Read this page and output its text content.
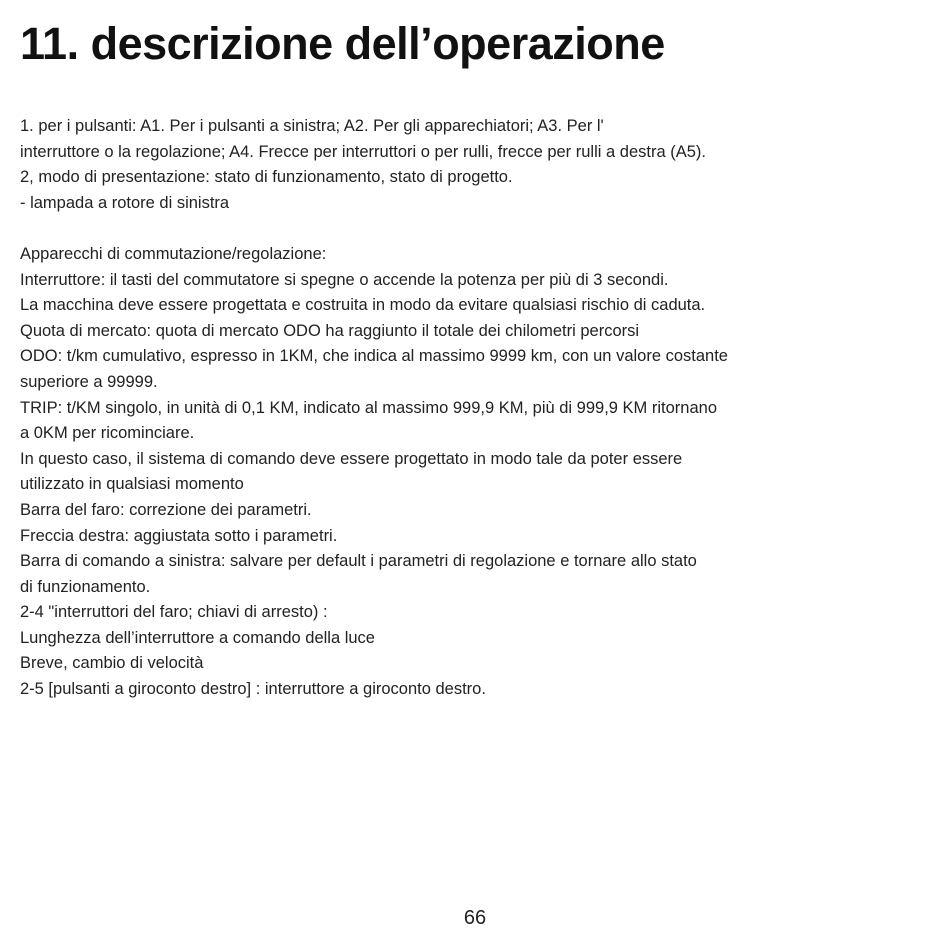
11. descrizione dell’operazione
1. per i pulsanti: A1. Per i pulsanti a sinistra; A2. Per gli apparechiatori; A3. Per l'
interruttore o la regolazione; A4. Frecce per interruttori o per rulli, frecce per rulli a destra (A5).
2, modo di presentazione: stato di funzionamento, stato di progetto.
- lampada a rotore di sinistra
Apparecchi di commutazione/regolazione:
Interruttore: il tasti del commutatore si spegne o accende la potenza per più di 3 secondi.
La macchina deve essere progettata e costruita in modo da evitare qualsiasi rischio di caduta.
Quota di mercato: quota di mercato ODO ha raggiunto il totale dei chilometri percorsi
ODO: t/km cumulativo, espresso in 1KM, che indica al massimo 9999 km, con un valore costante
superiore a 99999.
TRIP: t/KM singolo, in unità di 0,1 KM, indicato al massimo 999,9 KM, più di 999,9 KM ritornano
a 0KM per ricominciare.
In questo caso, il sistema di comando deve essere progettato in modo tale da poter essere
utilizzato in qualsiasi momento
Barra del faro: correzione dei parametri.
Freccia destra: aggiustata sotto i parametri.
Barra di comando a sinistra: salvare per default i parametri di regolazione e tornare allo stato
di funzionamento.
2-4 "interruttori del faro; chiavi di arresto) :
Lunghezza dell’interruttore a comando della luce
Breve, cambio di velocità
2-5 [pulsanti a giroconto destro] : interruttore a giroconto destro.
66
